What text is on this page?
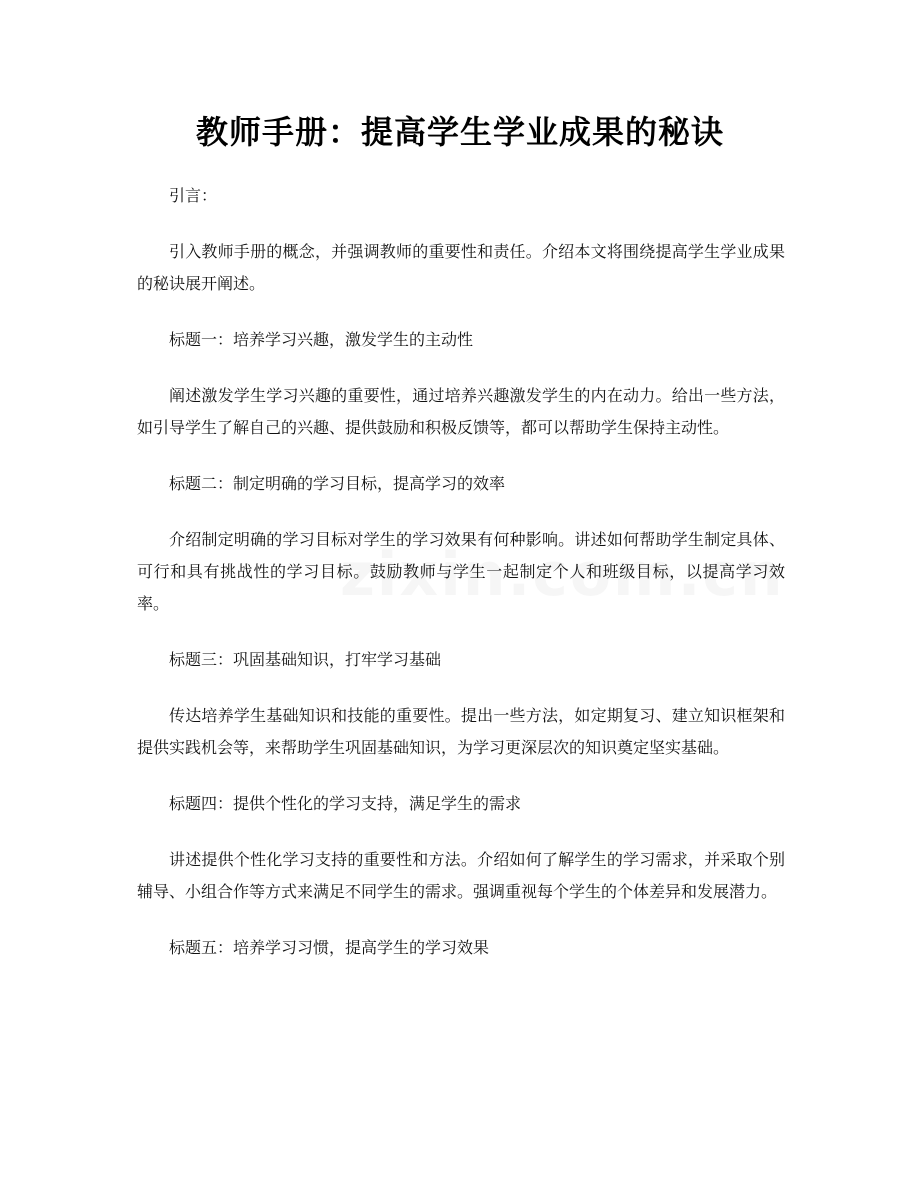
教师手册：提高学生学业成果的秘诀

引言：

引入教师手册的概念，并强调教师的重要性和责任。介绍本文将围绕提高学生学业成果的秘诀展开阐述。

标题一：培养学习兴趣，激发学生的主动性

阐述激发学生学习兴趣的重要性，通过培养兴趣激发学生的内在动力。给出一些方法，如引导学生了解自己的兴趣、提供鼓励和积极反馈等，都可以帮助学生保持主动性。

标题二：制定明确的学习目标，提高学习的效率

介绍制定明确的学习目标对学生的学习效果有何种影响。讲述如何帮助学生制定具体、可行和具有挑战性的学习目标。鼓励教师与学生一起制定个人和班级目标，以提高学习效率。

标题三：巩固基础知识，打牢学习基础

传达培养学生基础知识和技能的重要性。提出一些方法，如定期复习、建立知识框架和提供实践机会等，来帮助学生巩固基础知识，为学习更深层次的知识奠定坚实基础。

标题四：提供个性化的学习支持，满足学生的需求

讲述提供个性化学习支持的重要性和方法。介绍如何了解学生的学习需求，并采取个别辅导、小组合作等方式来满足不同学生的需求。强调重视每个学生的个体差异和发展潜力。

标题五：培养学习习惯，提高学生的学习效果
